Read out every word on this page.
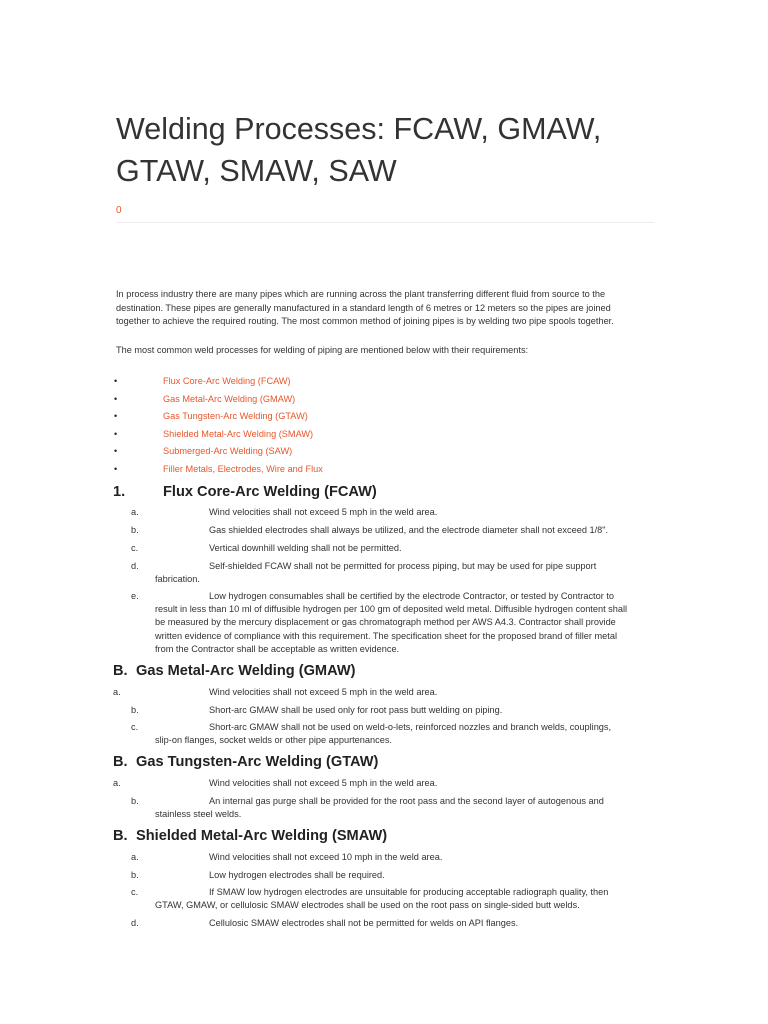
Welding Processes: FCAW, GMAW,
GTAW, SMAW, SAW
0

In process industry there are many pipes which are running across the plant transferring different fluid from source to the
destination. These pipes are generally manufactured in a standard length of 6 metres or 12 meters so the pipes are joined
together to achieve the required routing. The most common method of joining pipes is by welding two pipe spools together.

The most common weld processes for welding of piping are mentioned below with their requirements:

•	Flux Core-Arc Welding (FCAW)
•	Gas Metal-Arc Welding (GMAW)
•	Gas Tungsten-Arc Welding (GTAW)
•	Shielded Metal-Arc Welding (SMAW)
•	Submerged-Arc Welding (SAW)
•	Filler Metals, Electrodes, Wire and Flux
1.	Flux Core-Arc Welding (FCAW)
a.	Wind velocities shall not exceed 5 mph in the weld area.
b.	Gas shielded electrodes shall always be utilized, and the electrode diameter shall not exceed 1/8".
c.	Vertical downhill welding shall not be permitted.
d.	Self-shielded FCAW shall not be permitted for process piping, but may be used for pipe support
fabrication.
e.	Low hydrogen consumables shall be certified by the electrode Contractor, or tested by Contractor to
result in less than 10 ml of diffusible hydrogen per 100 gm of deposited weld metal. Diffusible hydrogen content shall
be measured by the mercury displacement or gas chromatograph method per AWS A4.3. Contractor shall provide
written evidence of compliance with this requirement. The specification sheet for the proposed brand of filler metal
from the Contractor shall be acceptable as written evidence.
B. Gas Metal-Arc Welding (GMAW)
a.	Wind velocities shall not exceed 5 mph in the weld area.
b.	Short-arc GMAW shall be used only for root pass butt welding on piping.
c.	Short-arc GMAW shall not be used on weld-o-lets, reinforced nozzles and branch welds, couplings,
slip-on flanges, socket welds or other pipe appurtenances.
B. Gas Tungsten-Arc Welding (GTAW)
a.	Wind velocities shall not exceed 5 mph in the weld area.
b.	An internal gas purge shall be provided for the root pass and the second layer of autogenous and
stainless steel welds.
B. Shielded Metal-Arc Welding (SMAW)
a.	Wind velocities shall not exceed 10 mph in the weld area.
b.	Low hydrogen electrodes shall be required.
c.	If SMAW low hydrogen electrodes are unsuitable for producing acceptable radiograph quality, then
GTAW, GMAW, or cellulosic SMAW electrodes shall be used on the root pass on single-sided butt welds.
d.	Cellulosic SMAW electrodes shall not be permitted for welds on API flanges.
